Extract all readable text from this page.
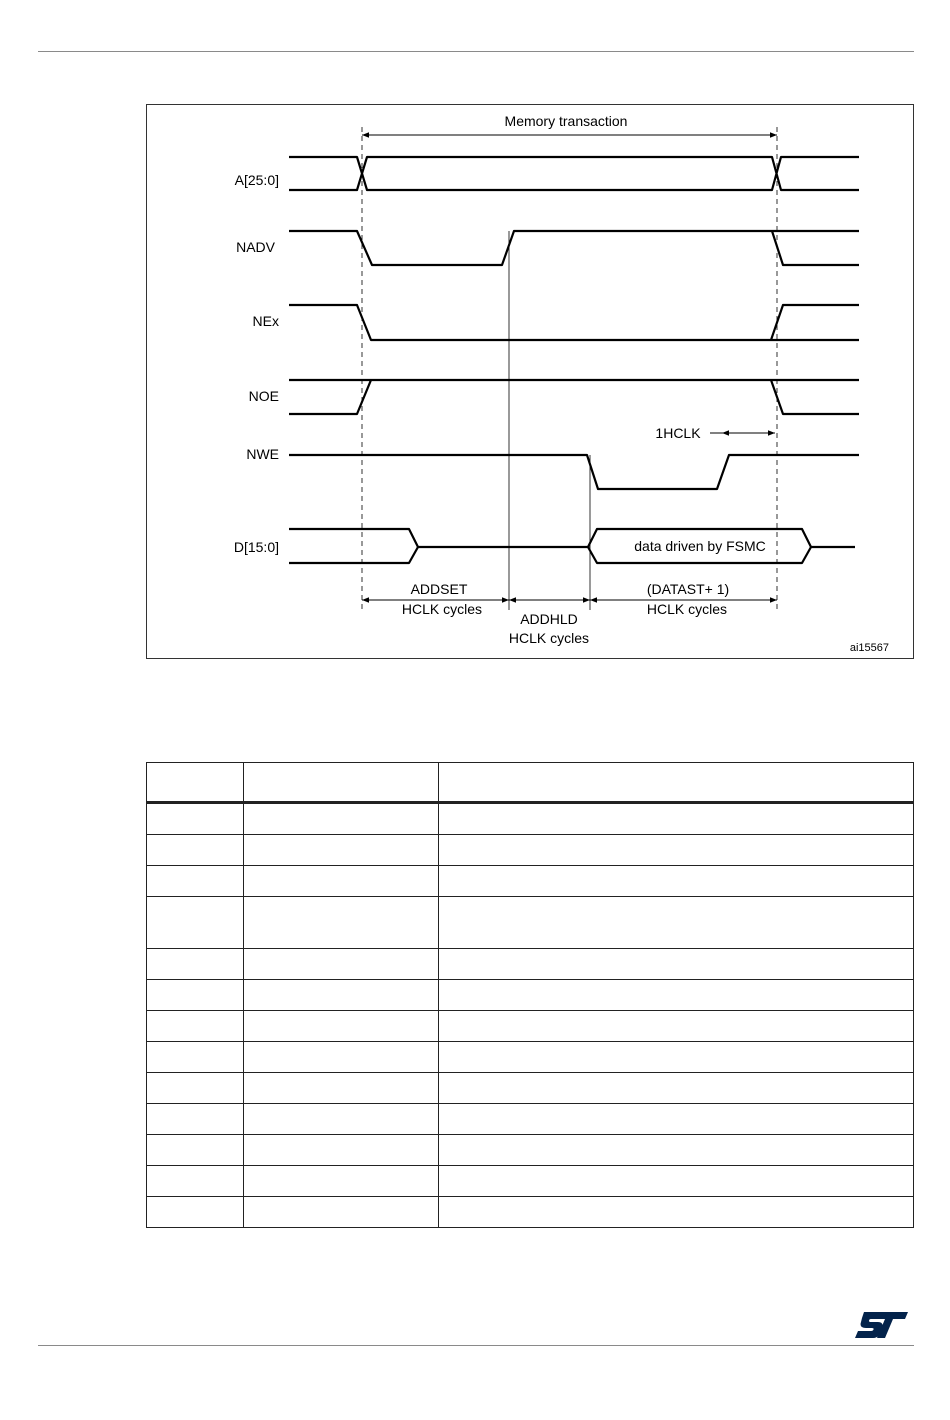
A[25:0]
NADV
NEx
NOE
NWE
D[15:0]
Memory transaction
1HCLK
data driven by FSMC
ADDSET
HCLK cycles
ADDHLD
HCLK cycles
(DATAST+ 1)
HCLK cycles
ai15567
